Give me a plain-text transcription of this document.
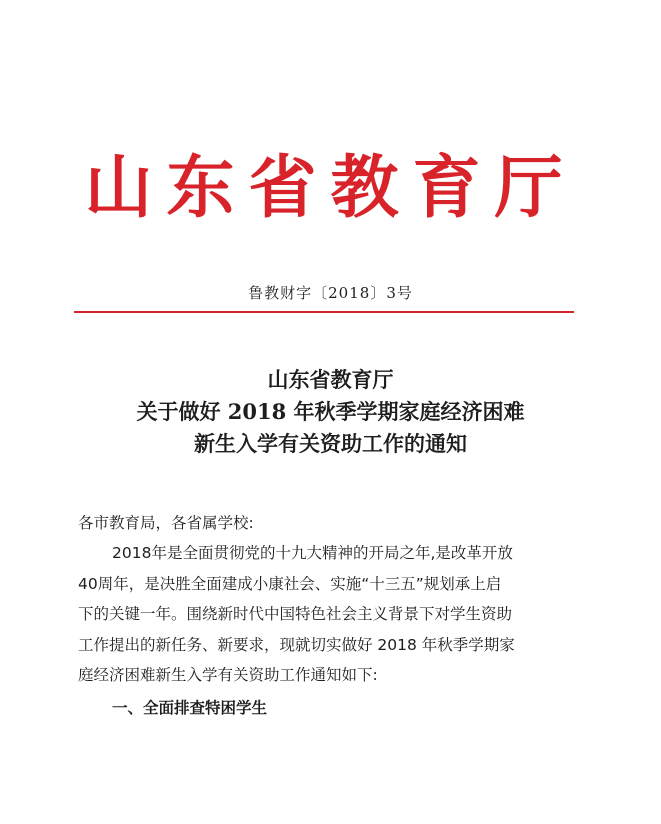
山东省教育厅
鲁教财字〔2018〕3号
山东省教育厅
关于做好 2018 年秋季学期家庭经济困难
新生入学有关资助工作的通知
各市教育局，各省属学校:
2018年是全面贯彻党的十九大精神的开局之年,是改革开放
40周年，是决胜全面建成小康社会、实施“十三五”规划承上启
下的关键一年。围绕新时代中国特色社会主义背景下对学生资助
工作提出的新任务、新要求，现就切实做好 2018 年秋季学期家
庭经济困难新生入学有关资助工作通知如下:
一、全面排查特困学生
